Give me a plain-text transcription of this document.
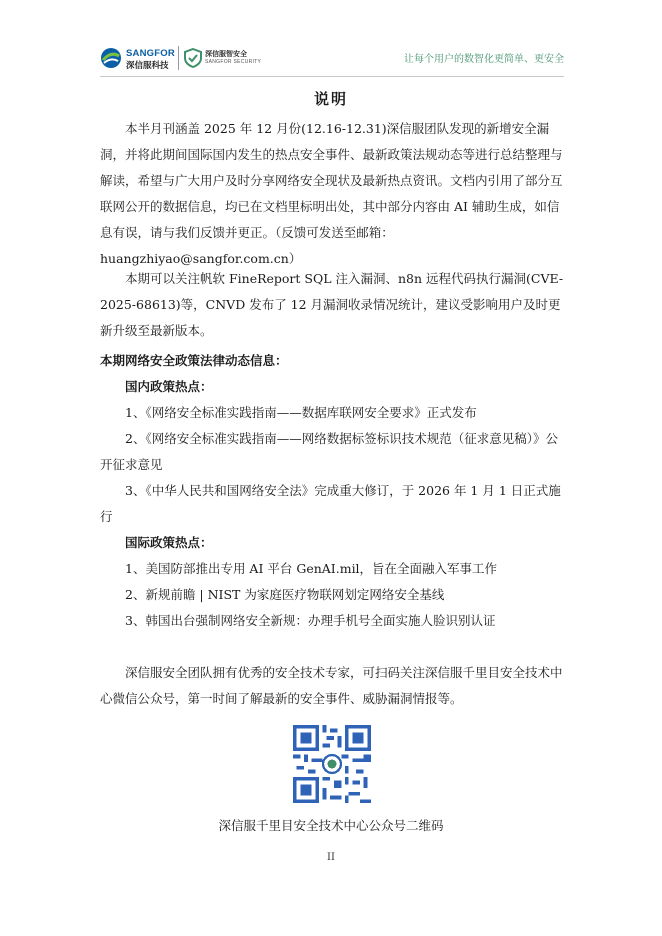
SANGFOR
深信服科技
深信服智安全
SANGFOR SECURITY	让每个用户的数智化更简单、更安全
说明

本半月刊涵盖 2025 年 12 月份(12.16-12.31)深信服团队发现的新增安全漏洞，并将此期间国际国内发生的热点安全事件、最新政策法规动态等进行总结整理与解读，希望与广大用户及时分享网络安全现状及最新热点资讯。文档内引用了部分互联网公开的数据信息，均已在文档里标明出处，其中部分内容由 AI 辅助生成，如信息有误，请与我们反馈并更正。（反馈可发送至邮箱：huangzhiyao@sangfor.com.cn）

本期可以关注帆软 FineReport SQL 注入漏洞、n8n 远程代码执行漏洞(CVE-2025-68613)等，CNVD 发布了 12 月漏洞收录情况统计，建议受影响用户及时更新升级至最新版本。

本期网络安全政策法律动态信息：
国内政策热点：
1、《网络安全标准实践指南——数据库联网安全要求》正式发布
2、《网络安全标准实践指南——网络数据标签标识技术规范（征求意见稿）》公开征求意见
3、《中华人民共和国网络安全法》完成重大修订，于 2026 年 1 月 1 日正式施行
国际政策热点：
1、美国防部推出专用 AI 平台 GenAI.mil，旨在全面融入军事工作
2、新规前瞻 | NIST 为家庭医疗物联网划定网络安全基线
3、韩国出台强制网络安全新规：办理手机号全面实施人脸识别认证

深信服安全团队拥有优秀的安全技术专家，可扫码关注深信服千里目安全技术中心微信公众号，第一时间了解最新的安全事件、威胁漏洞情报等。

深信服千里目安全技术中心公众号二维码
II
